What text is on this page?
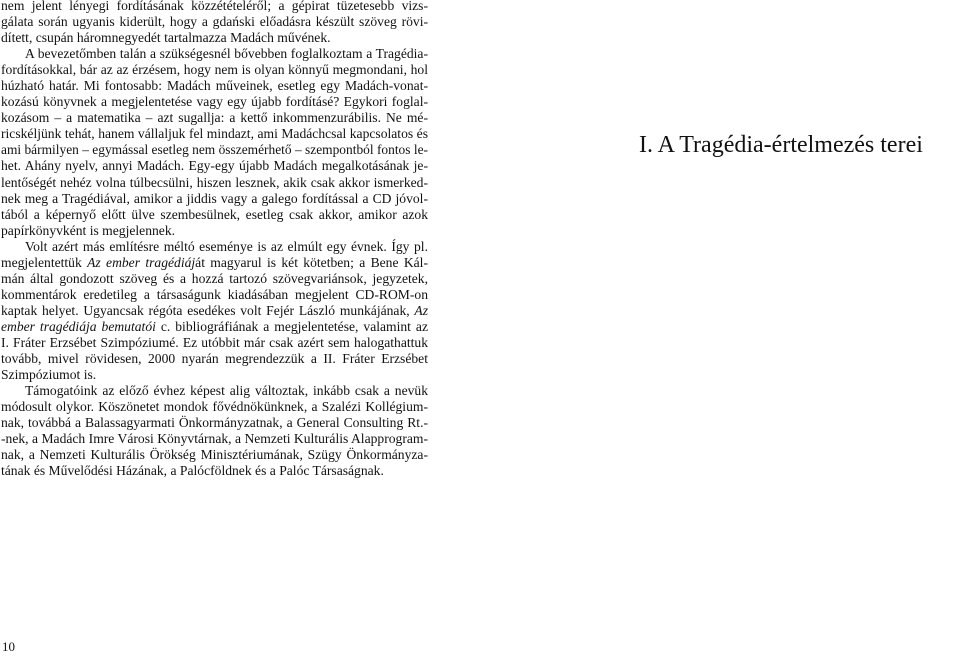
nem jelent lényegi fordításának közzétételéről; a gépirat tüzetesebb vizs-
gálata során ugyanis kiderült, hogy a gdański előadásra készült szöveg rövi-
dített, csupán háromnegyedét tartalmazza Madách művének.
A bevezetőmben talán a szükségesnél bővebben foglalkoztam a Tragédia-
fordításokkal, bár az az érzésem, hogy nem is olyan könnyű megmondani, hol
húzható határ. Mi fontosabb: Madách műveinek, esetleg egy Madách-vonat-
kozású könyvnek a megjelentetése vagy egy újabb fordításé? Egykori foglal-
kozásom – a matematika – azt sugallja: a kettő inkommenzurábilis. Ne mé-
ricskéljünk tehát, hanem vállaljuk fel mindazt, ami Madáchcsal kapcsolatos és
ami bármilyen – egymással esetleg nem összemérhető – szempontból fontos le-
het. Ahány nyelv, annyi Madách. Egy-egy újabb Madách megalkotásának je-
lentőségét nehéz volna túlbecsülni, hiszen lesznek, akik csak akkor ismerked-
nek meg a Tragédiával, amikor a jiddis vagy a galego fordítással a CD jóvol-
tából a képernyő előtt ülve szembesülnek, esetleg csak akkor, amikor azok
papírkönyvként is megjelennek.
Volt azért más említésre méltó eseménye is az elmúlt egy évnek. Így pl.
megjelentettük Az ember tragédiáját magyarul is két kötetben; a Bene Kál-
mán által gondozott szöveg és a hozzá tartozó szövegvariánsok, jegyzetek,
kommentárok eredetileg a társaságunk kiadásában megjelent CD-ROM-on
kaptak helyet. Ugyancsak régóta esedékes volt Fejér László munkájának, Az
ember tragédiája bemutatói c. bibliográfiának a megjelentetése, valamint az
I. Fráter Erzsébet Szimpóziumé. Ez utóbbit már csak azért sem halogathattuk
tovább, mivel rövidesen, 2000 nyarán megrendezzük a II. Fráter Erzsébet
Szimpóziumot is.
Támogatóink az előző évhez képest alig változtak, inkább csak a nevük
módosult olykor. Köszönetet mondok fővédnökünknek, a Szalézi Kollégium-
nak, továbbá a Balassagyarmati Önkormányzatnak, a General Consulting Rt.-
-nek, a Madách Imre Városi Könyvtárnak, a Nemzeti Kulturális Alapprogram-
nak, a Nemzeti Kulturális Örökség Minisztériumának, Szügy Önkormányza-
tának és Művelődési Házának, a Palócföldnek és a Palóc Társaságnak.
10
I. A Tragédia-értelmezés terei
